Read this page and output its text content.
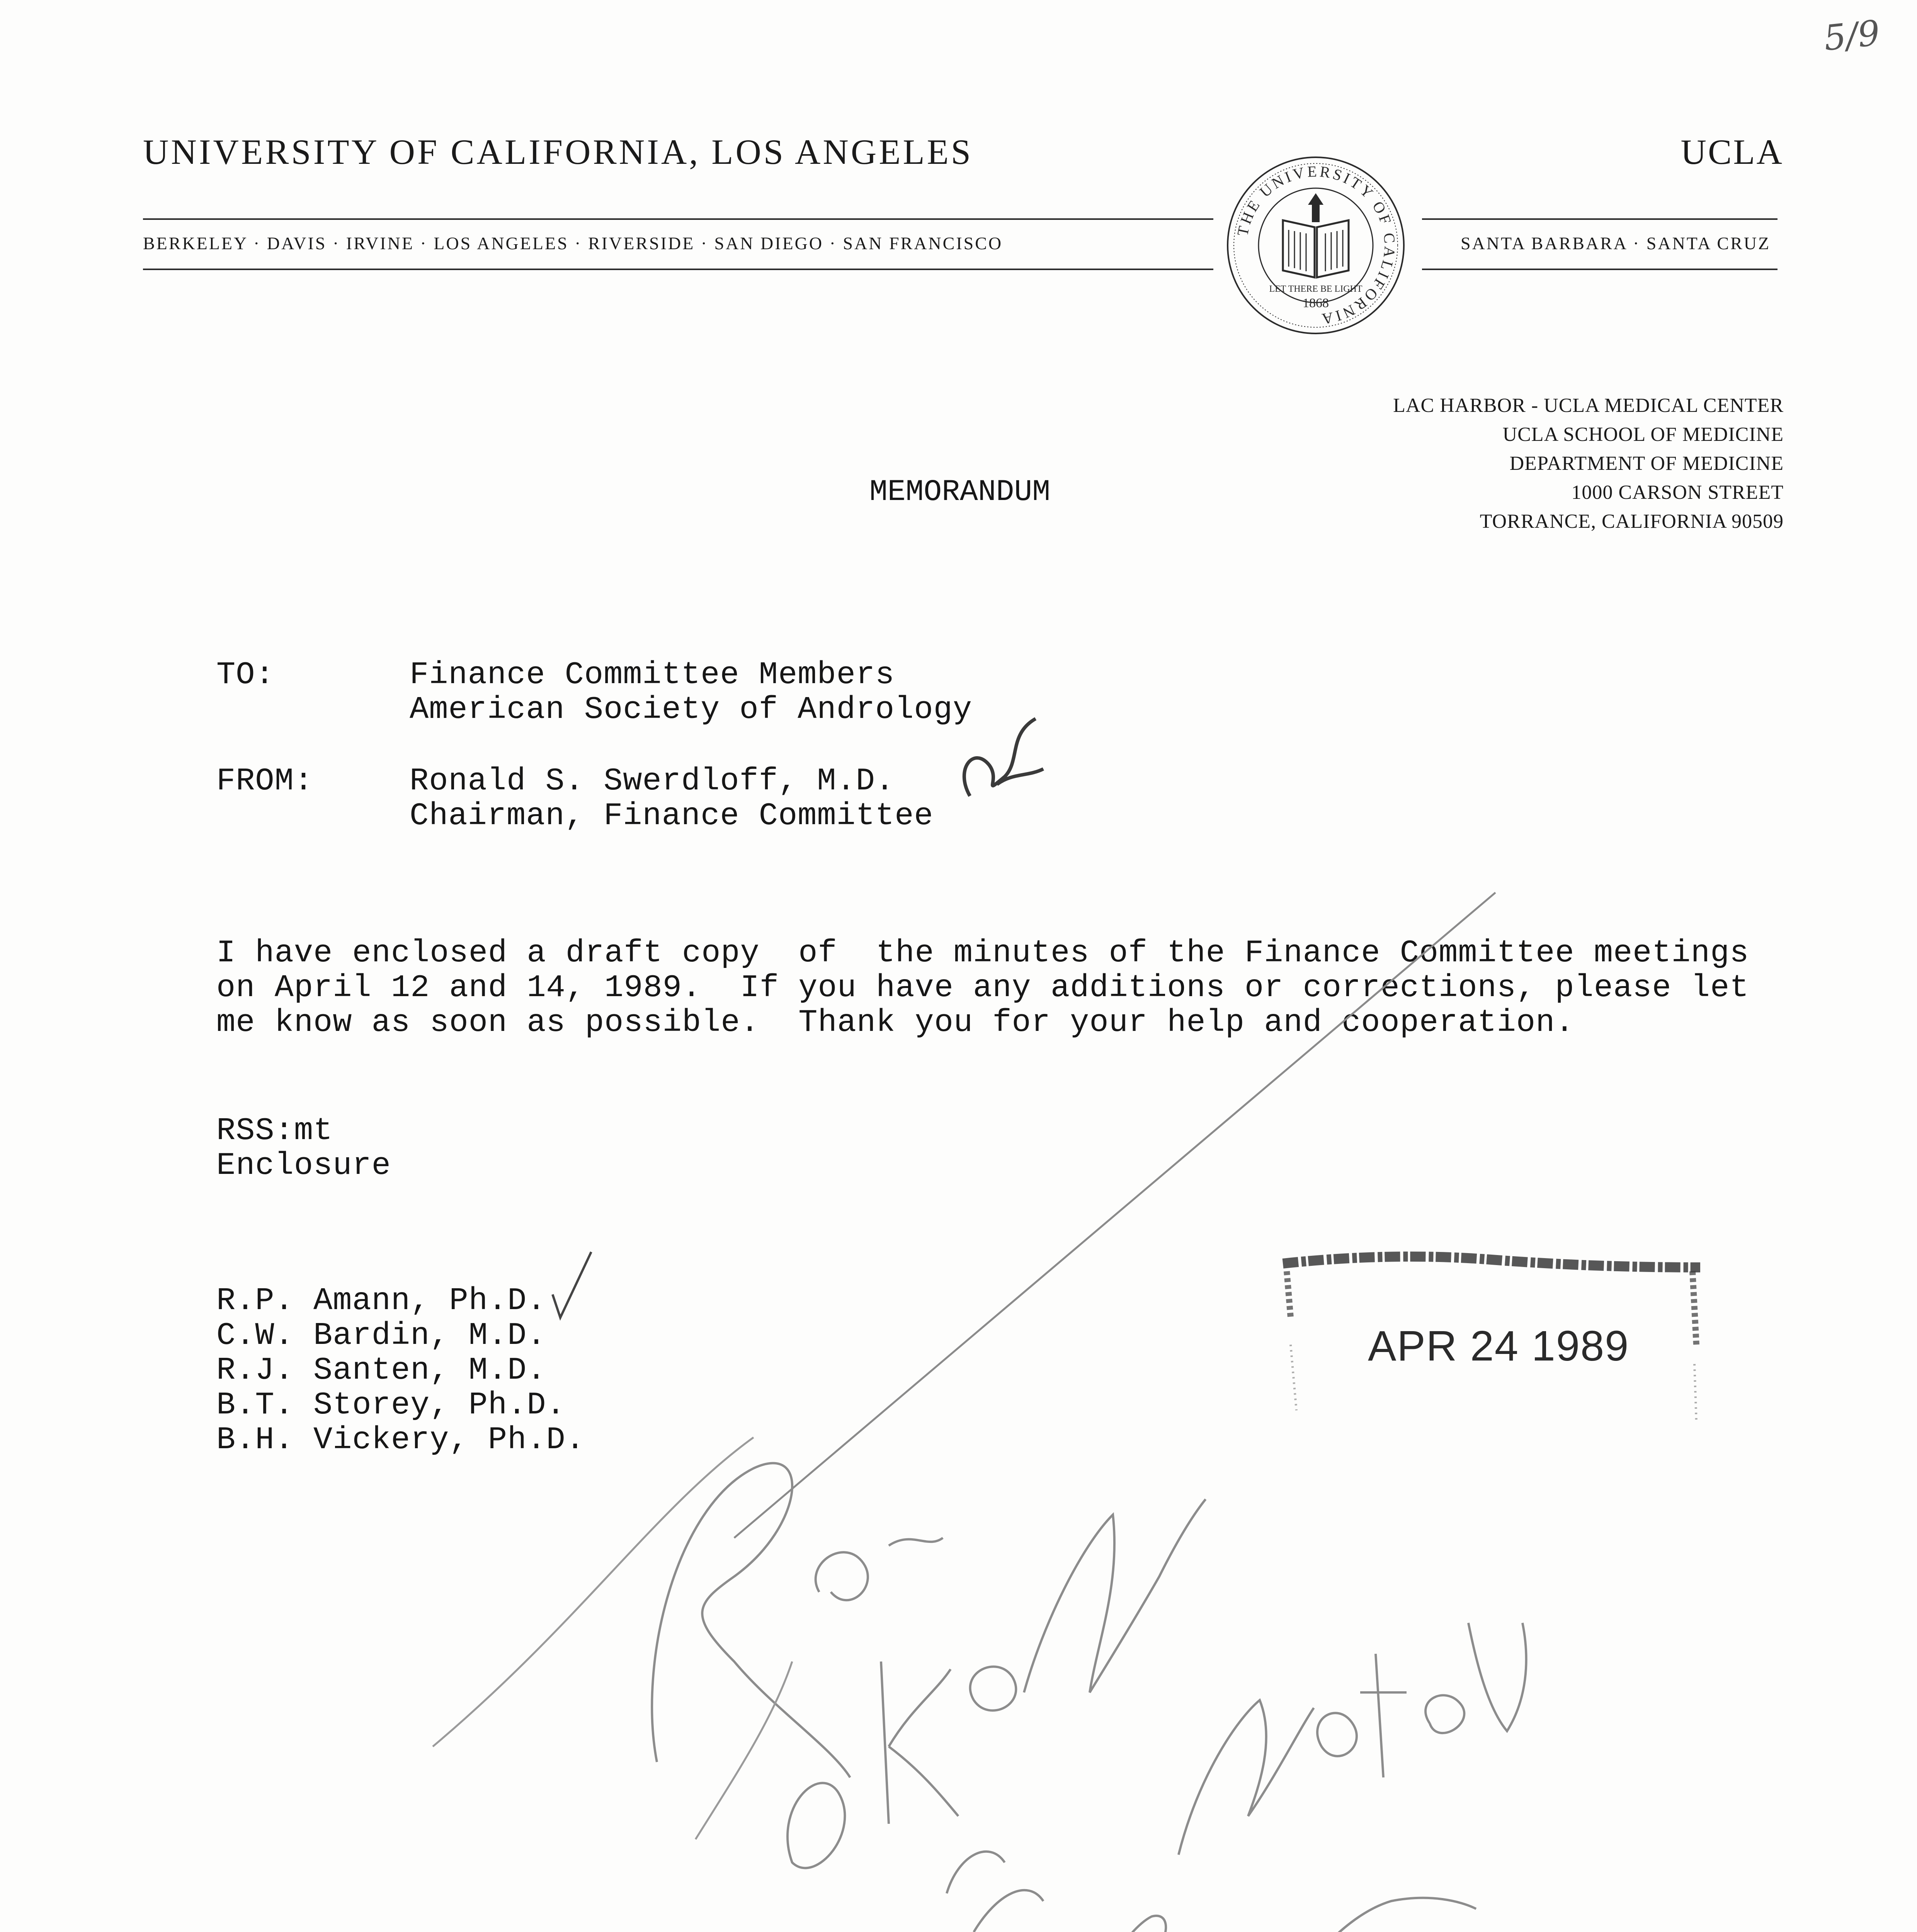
5/9
UNIVERSITY OF CALIFORNIA, LOS ANGELES	UCLA
BERKELEY · DAVIS · IRVINE · LOS ANGELES · RIVERSIDE · SAN DIEGO · SAN FRANCISCO	SANTA BARBARA · SANTA CRUZ
THE UNIVERSITY OF CALIFORNIA
LET THERE BE LIGHT
1868
LAC HARBOR - UCLA MEDICAL CENTER
UCLA SCHOOL OF MEDICINE
DEPARTMENT OF MEDICINE
1000 CARSON STREET
TORRANCE, CALIFORNIA 90509
MEMORANDUM
TO:	Finance Committee Members
American Society of Andrology
FROM:	Ronald S. Swerdloff, M.D.
Chairman, Finance Committee
I have enclosed a draft copy  of  the minutes of the Finance Committee meetings
on April 12 and 14, 1989.  If you have any additions or corrections, please let
me know as soon as possible.  Thank you for your help and cooperation.
RSS:mt
Enclosure
R.P. Amann, Ph.D.
C.W. Bardin, M.D.
R.J. Santen, M.D.
B.T. Storey, Ph.D.
B.H. Vickery, Ph.D.
APR 24 1989
